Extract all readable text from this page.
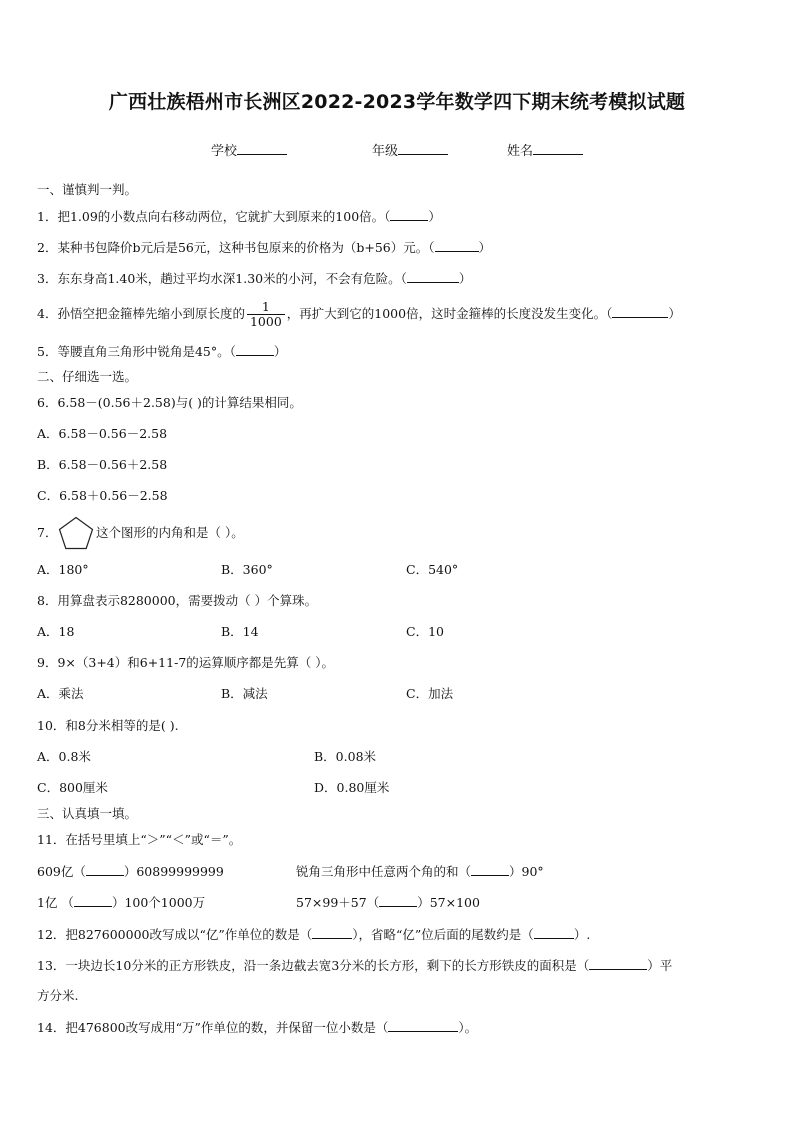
广西壮族梧州市长洲区2022-2023学年数学四下期末统考模拟试题
学校	年级	姓名
一、谨慎判一判。
1．把1.09的小数点向右移动两位，它就扩大到原来的100倍。（	）
2．某种书包降价b元后是56元，这种书包原来的价格为（b+56）元。（	）
3．东东身高1.40米，趟过平均水深1.30米的小河，不会有危险。（	）
4．孙悟空把金箍棒先缩小到原长度的 $\frac{1}{1000}$ ，再扩大到它的1000倍，这时金箍棒的长度没发生变化。（	）
5．等腰直角三角形中锐角是45°。（	）
二、仔细选一选。
6．6.58－(0.56＋2.58)与( )的计算结果相同。
A．6.58－0.56－2.58
B．6.58－0.56＋2.58
C．6.58＋0.56－2.58
7．	这个图形的内角和是（ ）。
A．180°	B．360°	C．540°
8．用算盘表示8280000，需要拨动（ ）个算珠。
A．18	B．14	C．10
9．9×（3+4）和6+11-7的运算顺序都是先算（ ）。
A．乘法	B．减法	C．加法
10．和8分米相等的是( ).
A．0.8米	B．0.08米
C．800厘米	D．0.80厘米
三、认真填一填。
11．在括号里填上“＞”“＜”或“＝”。
609亿（	）60899999999	锐角三角形中任意两个角的和（	）90°
1亿 （	）100个1000万	57×99＋57（	）57×100
12．把827600000改写成以“亿”作单位的数是（	），省略“亿”位后面的尾数约是（	）.
13．一块边长10分米的正方形铁皮，沿一条边截去宽3分米的长方形，剩下的长方形铁皮的面积是（	）平
方分米.
14．把476800改写成用“万”作单位的数，并保留一位小数是（	）。
